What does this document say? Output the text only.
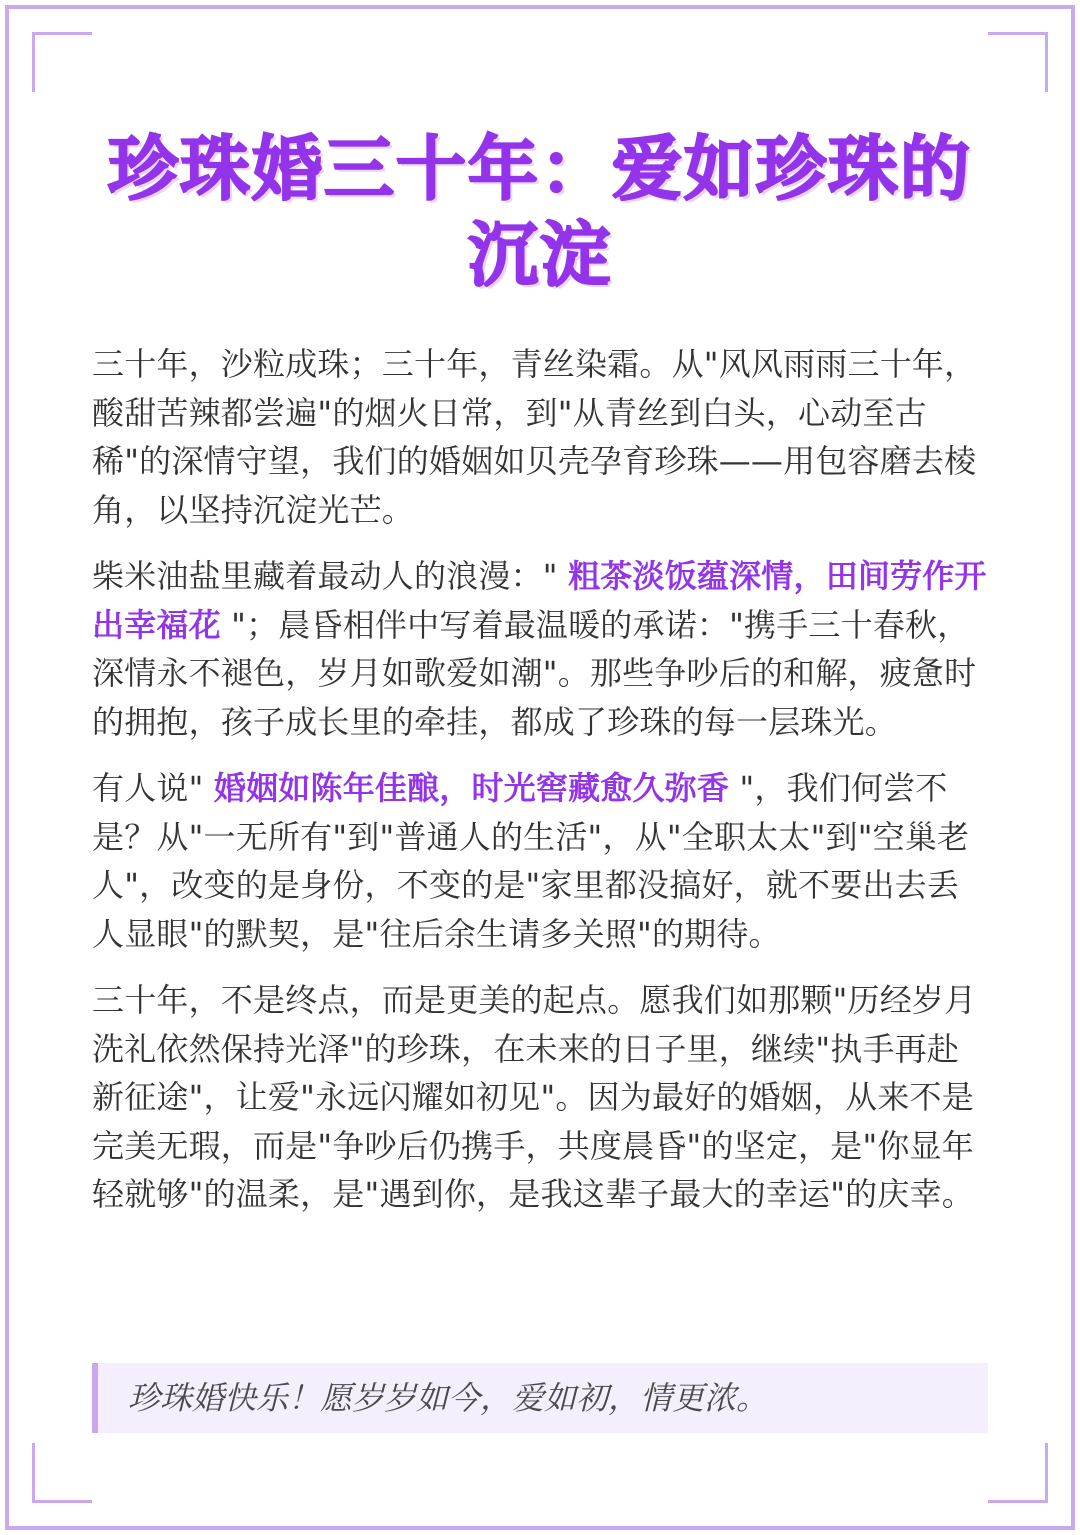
珍珠婚三十年：爱如珍珠的沉淀

三十年，沙粒成珠；三十年，青丝染霜。从"风风雨雨三十年，酸甜苦辣都尝遍"的烟火日常，到"从青丝到白头，心动至古稀"的深情守望，我们的婚姻如贝壳孕育珍珠——用包容磨去棱角，以坚持沉淀光芒。

柴米油盐里藏着最动人的浪漫：" 粗茶淡饭蕴深情，田间劳作开出幸福花 "；晨昏相伴中写着最温暖的承诺："携手三十春秋，深情永不褪色，岁月如歌爱如潮"。那些争吵后的和解，疲惫时的拥抱，孩子成长里的牵挂，都成了珍珠的每一层珠光。

有人说" 婚姻如陈年佳酿，时光窖藏愈久弥香 "，我们何尝不是？从"一无所有"到"普通人的生活"，从"全职太太"到"空巢老人"，改变的是身份，不变的是"家里都没搞好，就不要出去丢人显眼"的默契，是"往后余生请多关照"的期待。

三十年，不是终点，而是更美的起点。愿我们如那颗"历经岁月洗礼依然保持光泽"的珍珠，在未来的日子里，继续"执手再赴新征途"，让爱"永远闪耀如初见"。因为最好的婚姻，从来不是完美无瑕，而是"争吵后仍携手，共度晨昏"的坚定，是"你显年轻就够"的温柔，是"遇到你，是我这辈子最大的幸运"的庆幸。

珍珠婚快乐！愿岁岁如今，爱如初，情更浓。
